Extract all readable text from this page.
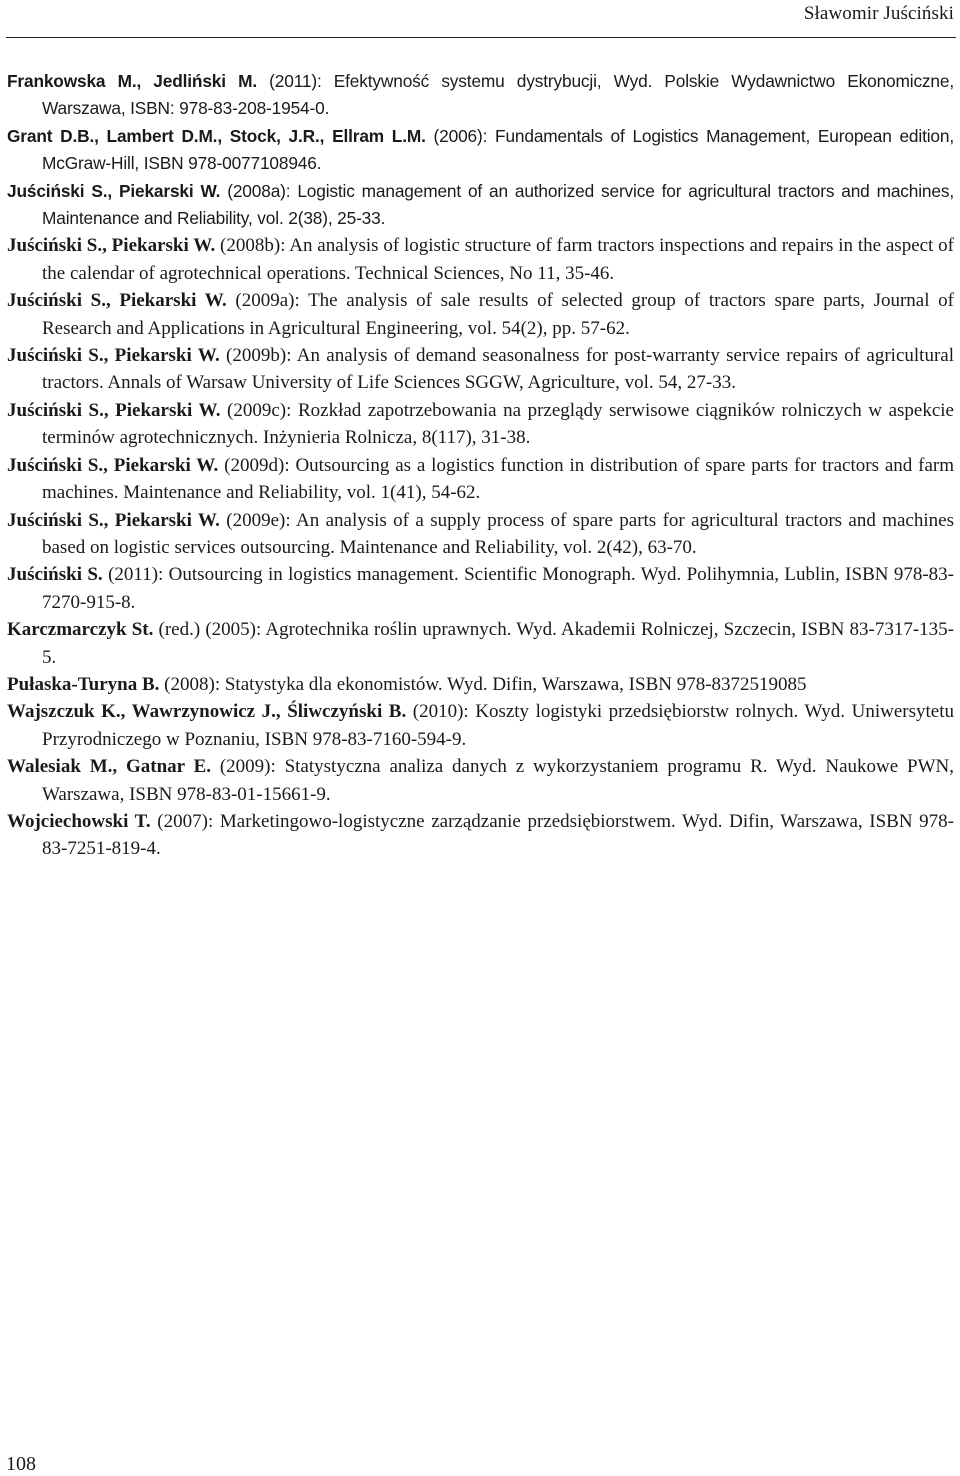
Sławomir Juściński
Frankowska M., Jedliński M. (2011): Efektywność systemu dystrybucji, Wyd. Polskie Wydawnictwo Ekonomiczne, Warszawa, ISBN: 978-83-208-1954-0.
Grant D.B., Lambert D.M., Stock, J.R., Ellram L.M. (2006): Fundamentals of Logistics Management, European edition, McGraw-Hill, ISBN 978-0077108946.
Juściński S., Piekarski W. (2008a): Logistic management of an authorized service for agricultural tractors and machines, Maintenance and Reliability, vol. 2(38), 25-33.
Juściński S., Piekarski W. (2008b): An analysis of logistic structure of farm tractors inspections and repairs in the aspect of the calendar of agrotechnical operations. Technical Sciences, No 11, 35-46.
Juściński S., Piekarski W. (2009a): The analysis of sale results of selected group of tractors spare parts, Journal of Research and Applications in Agricultural Engineering, vol. 54(2), pp. 57-62.
Juściński S., Piekarski W. (2009b): An analysis of demand seasonalness for post-warranty service repairs of agricultural tractors. Annals of Warsaw University of Life Sciences SGGW, Agriculture, vol. 54, 27-33.
Juściński S., Piekarski W. (2009c): Rozkład zapotrzebowania na przeglądy serwisowe ciągników rolniczych w aspekcie terminów agrotechnicznych. Inżynieria Rolnicza, 8(117), 31-38.
Juściński S., Piekarski W. (2009d): Outsourcing as a logistics function in distribution of spare parts for tractors and farm machines. Maintenance and Reliability, vol. 1(41), 54-62.
Juściński S., Piekarski W. (2009e): An analysis of a supply process of spare parts for agricultural tractors and machines based on logistic services outsourcing. Maintenance and Reliability, vol. 2(42), 63-70.
Juściński S. (2011): Outsourcing in logistics management. Scientific Monograph. Wyd. Polihymnia, Lublin, ISBN 978-83-7270-915-8.
Karczmarczyk St. (red.) (2005): Agrotechnika roślin uprawnych. Wyd. Akademii Rolniczej, Szczecin, ISBN 83-7317-135-5.
Pułaska-Turyna B. (2008): Statystyka dla ekonomistów. Wyd. Difin, Warszawa, ISBN 978-8372519085
Wajszczuk K., Wawrzynowicz J., Śliwczyński B. (2010): Koszty logistyki przedsiębiorstw rolnych. Wyd. Uniwersytetu Przyrodniczego w Poznaniu, ISBN 978-83-7160-594-9.
Walesiak M., Gatnar E. (2009): Statystyczna analiza danych z wykorzystaniem programu R. Wyd. Naukowe PWN, Warszawa, ISBN 978-83-01-15661-9.
Wojciechowski T. (2007): Marketingowo-logistyczne zarządzanie przedsiębiorstwem. Wyd. Difin, Warszawa, ISBN 978-83-7251-819-4.
108
